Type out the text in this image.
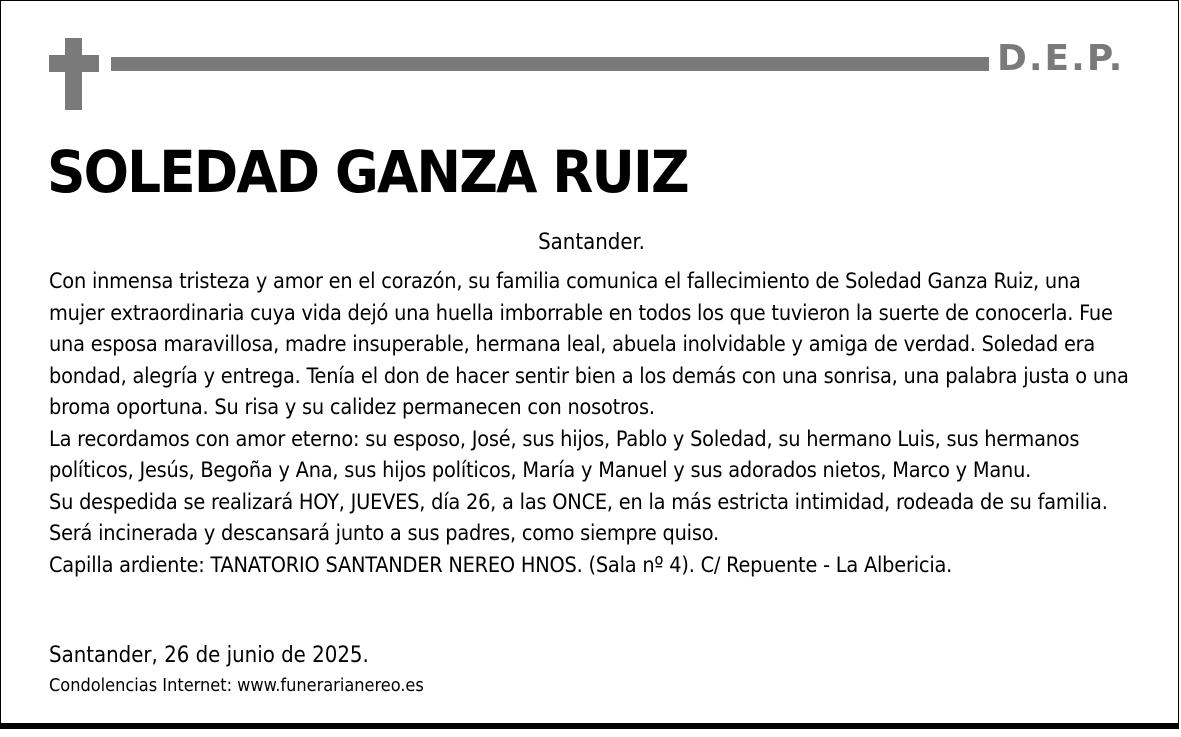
D.E.P.
SOLEDAD GANZA RUIZ
Santander.

Con inmensa tristeza y amor en el corazón, su familia comunica el fallecimiento de Soledad Ganza Ruiz, una mujer extraordinaria cuya vida dejó una huella imborrable en todos los que tuvieron la suerte de conocerla. Fue una esposa maravillosa, madre insuperable, hermana leal, abuela inolvidable y amiga de verdad. Soledad era bondad, alegría y entrega. Tenía el don de hacer sentir bien a los demás con una sonrisa, una palabra justa o una broma oportuna. Su risa y su calidez permanecen con nosotros.

La recordamos con amor eterno: su esposo, José, sus hijos, Pablo y Soledad, su hermano Luis, sus hermanos políticos, Jesús, Begoña y Ana, sus hijos políticos, María y Manuel y sus adorados nietos, Marco y Manu.

Su despedida se realizará HOY, JUEVES, día 26, a las ONCE, en la más estricta intimidad, rodeada de su familia. Será incinerada y descansará junto a sus padres, como siempre quiso.

Capilla ardiente: TANATORIO SANTANDER NEREO HNOS. (Sala nº 4). C/ Repuente - La Albericia.

Santander, 26 de junio de 2025.
Condolencias Internet: www.funerarianereo.es
